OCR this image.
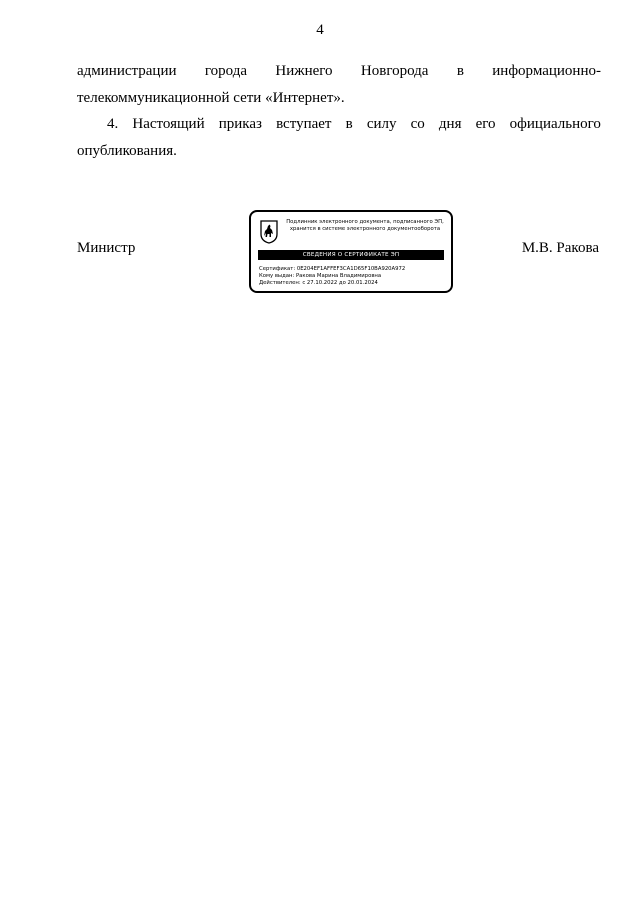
4
администрации города Нижнего Новгорода в информационно-
телекоммуникационной сети «Интернет».
4. Настоящий приказ вступает в силу со дня его официального
опубликования.
Министр	М.В. Ракова
Подлинник электронного документа, подписанного ЭП,
хранится в системе электронного документооборота
СВЕДЕНИЯ О СЕРТИФИКАТЕ ЭП
Сертификат: 0E204EF1AFFEF3CA1D65F10BA920A972
Кому выдан: Ракова Марина Владимировна
Действителен: с 27.10.2022 до 20.01.2024
